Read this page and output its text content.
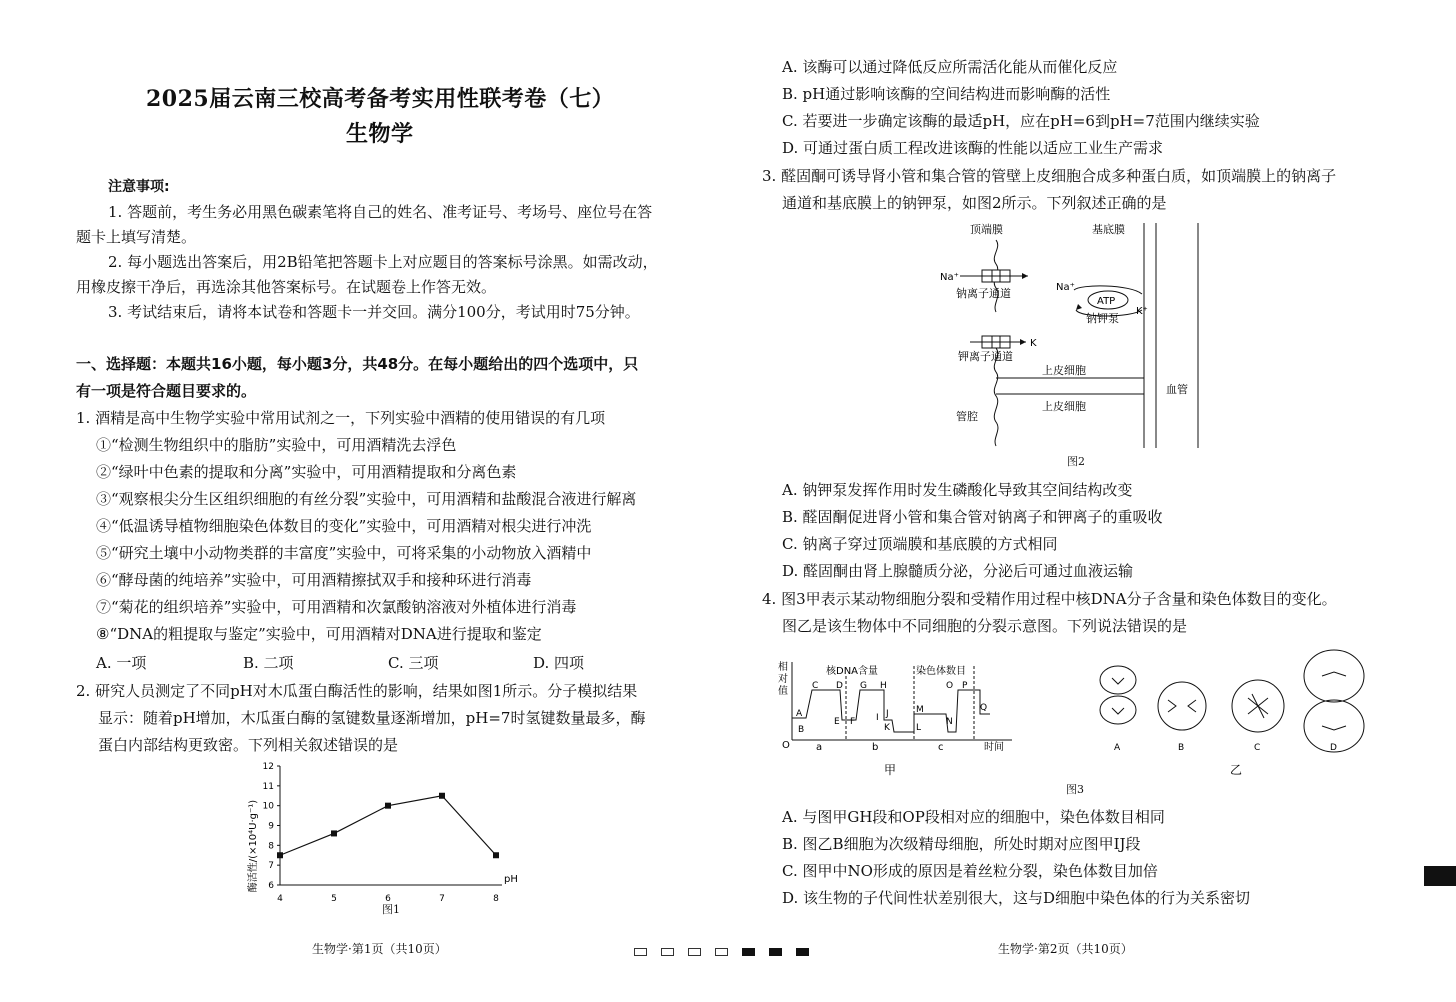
2025届云南三校高考备考实用性联考卷（七）
生物学
注意事项:
1. 答题前，考生务必用黑色碳素笔将自己的姓名、准考证号、考场号、座位号在答
题卡上填写清楚。
2. 每小题选出答案后，用2B铅笔把答题卡上对应题目的答案标号涂黑。如需改动，
用橡皮擦干净后，再选涂其他答案标号。在试题卷上作答无效。
3. 考试结束后，请将本试卷和答题卡一并交回。满分100分，考试用时75分钟。
一、选择题：本题共16小题，每小题3分，共48分。在每小题给出的四个选项中，只
有一项是符合题目要求的。
1. 酒精是高中生物学实验中常用试剂之一，下列实验中酒精的使用错误的有几项
①“检测生物组织中的脂肪”实验中，可用酒精洗去浮色
②“绿叶中色素的提取和分离”实验中，可用酒精提取和分离色素
③“观察根尖分生区组织细胞的有丝分裂”实验中，可用酒精和盐酸混合液进行解离
④“低温诱导植物细胞染色体数目的变化”实验中，可用酒精对根尖进行冲洗
⑤“研究土壤中小动物类群的丰富度”实验中，可将采集的小动物放入酒精中
⑥“酵母菌的纯培养”实验中，可用酒精擦拭双手和接种环进行消毒
⑦“菊花的组织培养”实验中，可用酒精和次氯酸钠溶液对外植体进行消毒
⑧“DNA的粗提取与鉴定”实验中，可用酒精对DNA进行提取和鉴定
A. 一项	B. 二项	C. 三项	D. 四项
2. 研究人员测定了不同pH对木瓜蛋白酶活性的影响，结果如图1所示。分子模拟结果
显示：随着pH增加，木瓜蛋白酶的氢键数量逐渐增加，pH=7时氢键数量最多，酶
蛋白内部结构更致密。下列相关叙述错误的是
酶活性/(×10⁴U·g⁻¹) 6
7
8
9
10
11
12
4	5	6	7	8
pH
图1
生物学·第1页（共10页）
A. 该酶可以通过降低反应所需活化能从而催化反应
B. pH通过影响该酶的空间结构进而影响酶的活性
C. 若要进一步确定该酶的最适pH，应在pH=6到pH=7范围内继续实验
D. 可通过蛋白质工程改进该酶的性能以适应工业生产需求
3. 醛固酮可诱导肾小管和集合管的管壁上皮细胞合成多种蛋白质，如顶端膜上的钠离子
通道和基底膜上的钠钾泵，如图2所示。下列叙述正确的是
顶端膜	基底膜
Na⁺
钠离子通道
K
钾离子通道
血管
ATP
Na⁺
K⁺
钠钾泵
上皮细胞
上皮细胞
管腔
图2
A. 钠钾泵发挥作用时发生磷酸化导致其空间结构改变
B. 醛固酮促进肾小管和集合管对钠离子和钾离子的重吸收
C. 钠离子穿过顶端膜和基底膜的方式相同
D. 醛固酮由肾上腺髓质分泌，分泌后可通过血液运输
4. 图3甲表示某动物细胞分裂和受精作用过程中核DNA分子含量和染色体数目的变化。
图乙是该生物体中不同细胞的分裂示意图。下列说法错误的是
相
对
值
O	时间
核DNA含量	染色体数目
A
B
C D
E F
G H
I J
K	L
M
N
O P
Q
a	b	c
甲
A	B	C	D
乙
图3
A. 与图甲GH段和OP段相对应的细胞中，染色体数目相同
B. 图乙B细胞为次级精母细胞，所处时期对应图甲IJ段
C. 图甲中NO形成的原因是着丝粒分裂，染色体数目加倍
D. 该生物的子代间性状差别很大，这与D细胞中染色体的行为关系密切
生物学·第2页（共10页）
